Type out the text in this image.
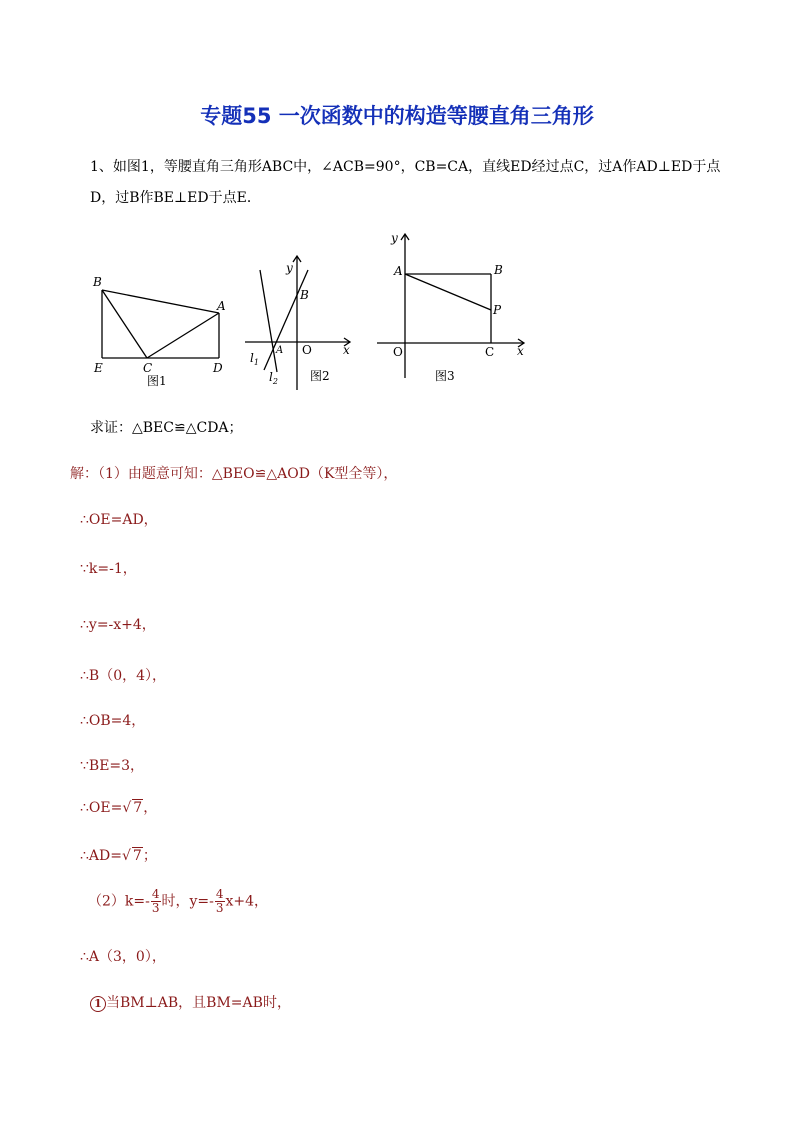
专题55 一次函数中的构造等腰直角三角形
1、如图1，等腰直角三角形ABC中，∠ACB=90°，CB=CA，直线ED经过点C，过A作AD⊥ED于点
D，过B作BE⊥ED于点E．
B
A
E	C	D
图1
y
B
x
A
$l_1$
$l_2$
O
图2
y
A	B
P
x
O	C
图3
求证：△BEC≌△CDA；
解：（1）由题意可知：△BEO≌△AOD（K型全等），
∴OE=AD，
∵k=-1，
∴y=-x+4，
∴B（0，4），
∴OB=4，
∵BE=3，
∴OE=√ 7，
∴AD=√ 7；
$(2)k=- \frac{4}{3}$ 时，$y=- \frac{4}{3} x+4$，
∴A（3，0），
1 当BM⊥AB，且BM=AB时，
